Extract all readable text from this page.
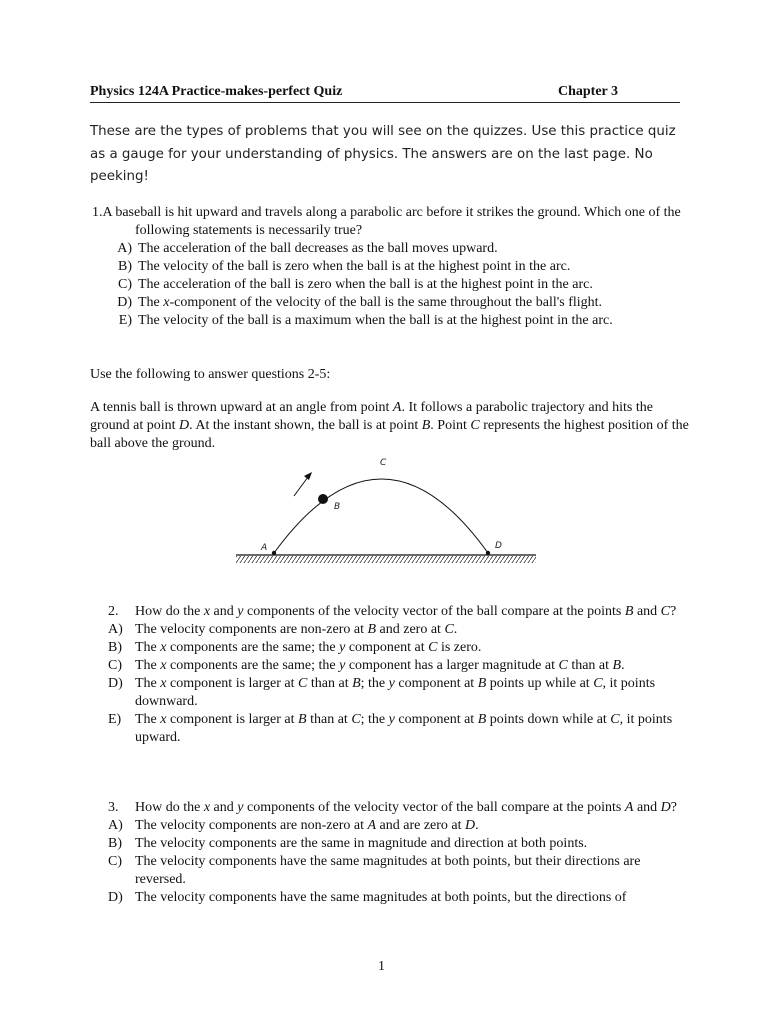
Physics 124A Practice-makes-perfect Quiz	Chapter 3
These are the types of problems that you will see on the quizzes. Use this practice quiz as a gauge for your understanding of physics. The answers are on the last page. No peeking!
1.A baseball is hit upward and travels along a parabolic arc before it strikes the ground. Which one of the following statements is necessarily true?
A) The acceleration of the ball decreases as the ball moves upward.
B) The velocity of the ball is zero when the ball is at the highest point in the arc.
C) The acceleration of the ball is zero when the ball is at the highest point in the arc.
D) The x-component of the velocity of the ball is the same throughout the ball's flight.
E) The velocity of the ball is a maximum when the ball is at the highest point in the arc.
Use the following to answer questions 2-5:
A tennis ball is thrown upward at an angle from point A. It follows a parabolic trajectory and hits the ground at point D. At the instant shown, the ball is at point B. Point C represents the highest position of the ball above the ground.
A
B
C
D
2.	How do the x and y components of the velocity vector of the ball compare at the points B and C?
A) The velocity components are non-zero at B and zero at C.
B) The x components are the same; the y component at C is zero.
C) The x components are the same; the y component has a larger magnitude at C than at B.
D) The x component is larger at C than at B; the y component at B points up while at C, it points downward.
E) The x component is larger at B than at C; the y component at B points down while at C, it points upward.
3.	How do the x and y components of the velocity vector of the ball compare at the points A and D?
A) The velocity components are non-zero at A and are zero at D.
B) The velocity components are the same in magnitude and direction at both points.
C) The velocity components have the same magnitudes at both points, but their directions are reversed.
D) The velocity components have the same magnitudes at both points, but the directions of
1
